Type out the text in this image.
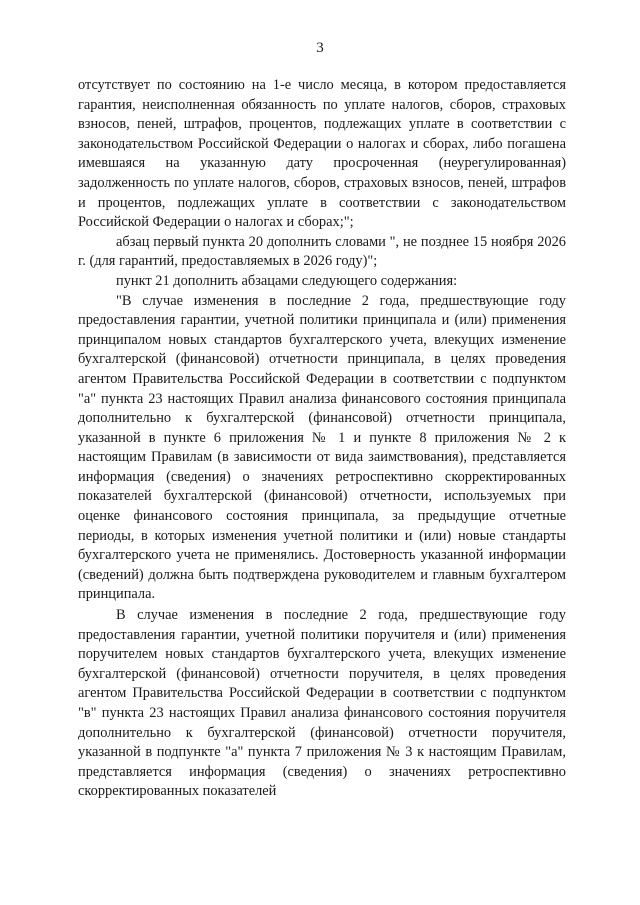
3

отсутствует по состоянию на 1-е число месяца, в котором предоставляется гарантия, неисполненная обязанность по уплате налогов, сборов, страховых взносов, пеней, штрафов, процентов, подлежащих уплате в соответствии с законодательством Российской Федерации о налогах и сборах, либо погашена имевшаяся на указанную дату просроченная (неурегулированная) задолженность по уплате налогов, сборов, страховых взносов, пеней, штрафов и процентов, подлежащих уплате в соответствии с законодательством Российской Федерации о налогах и сборах;";

абзац первый пункта 20 дополнить словами ", не позднее 15 ноября 2026 г. (для гарантий, предоставляемых в 2026 году)";

пункт 21 дополнить абзацами следующего содержания:

"В случае изменения в последние 2 года, предшествующие году предоставления гарантии, учетной политики принципала и (или) применения принципалом новых стандартов бухгалтерского учета, влекущих изменение бухгалтерской (финансовой) отчетности принципала, в целях проведения агентом Правительства Российской Федерации в соответствии с подпунктом "а" пункта 23 настоящих Правил анализа финансового состояния принципала дополнительно к бухгалтерской (финансовой) отчетности принципала, указанной в пункте 6 приложения № 1 и пункте 8 приложения № 2 к настоящим Правилам (в зависимости от вида заимствования), представляется информация (сведения) о значениях ретроспективно скорректированных показателей бухгалтерской (финансовой) отчетности, используемых при оценке финансового состояния принципала, за предыдущие отчетные периоды, в которых изменения учетной политики и (или) новые стандарты бухгалтерского учета не применялись. Достоверность указанной информации (сведений) должна быть подтверждена руководителем и главным бухгалтером принципала.

В случае изменения в последние 2 года, предшествующие году предоставления гарантии, учетной политики поручителя и (или) применения поручителем новых стандартов бухгалтерского учета, влекущих изменение бухгалтерской (финансовой) отчетности поручителя, в целях проведения агентом Правительства Российской Федерации в соответствии с подпунктом "в" пункта 23 настоящих Правил анализа финансового состояния поручителя дополнительно к бухгалтерской (финансовой) отчетности поручителя, указанной в подпункте "а" пункта 7 приложения № 3 к настоящим Правилам, представляется информация (сведения) о значениях ретроспективно скорректированных показателей
